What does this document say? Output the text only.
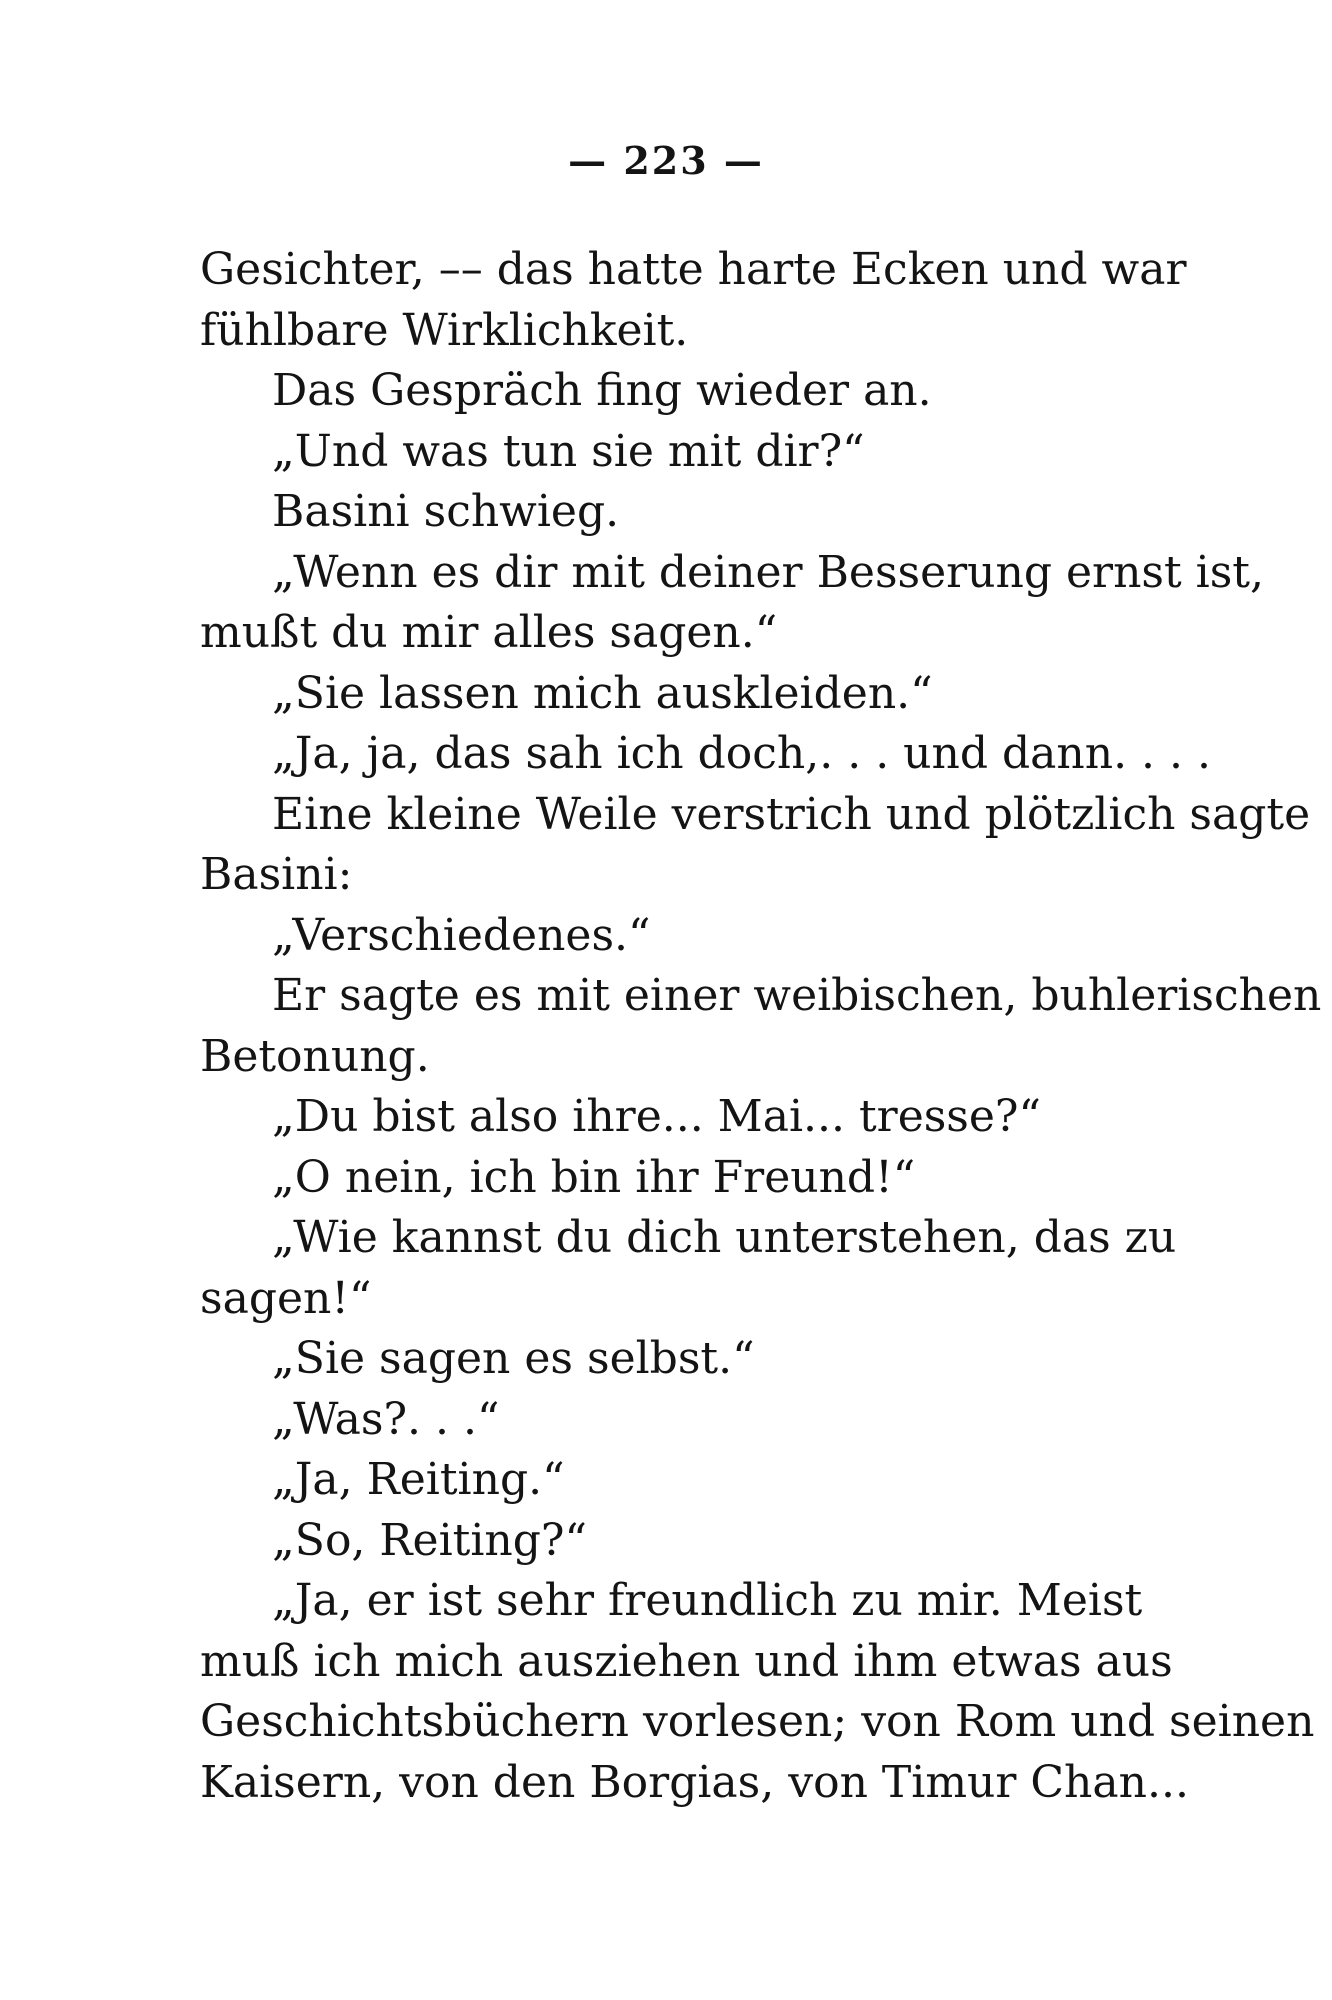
— 223 —
Gesichter, –– das hatte harte Ecken und war
fühlbare Wirklichkeit.
Das Gespräch fing wieder an.
„Und was tun sie mit dir?“
Basini schwieg.
„Wenn es dir mit deiner Besserung ernst ist,
mußt du mir alles sagen.“
„Sie lassen mich auskleiden.“
„Ja, ja, das sah ich doch,. . . und dann. . . .
Eine kleine Weile verstrich und plötzlich sagte
Basini:
„Verschiedenes.“
Er sagte es mit einer weibischen, buhlerischen
Betonung.
„Du bist also ihre... Mai... tresse?“
„O nein, ich bin ihr Freund!“
„Wie kannst du dich unterstehen, das zu
sagen!“
„Sie sagen es selbst.“
„Was?. . .“
„Ja, Reiting.“
„So, Reiting?“
„Ja, er ist sehr freundlich zu mir. Meist
muß ich mich ausziehen und ihm etwas aus
Geschichtsbüchern vorlesen; von Rom und seinen
Kaisern, von den Borgias, von Timur Chan...
